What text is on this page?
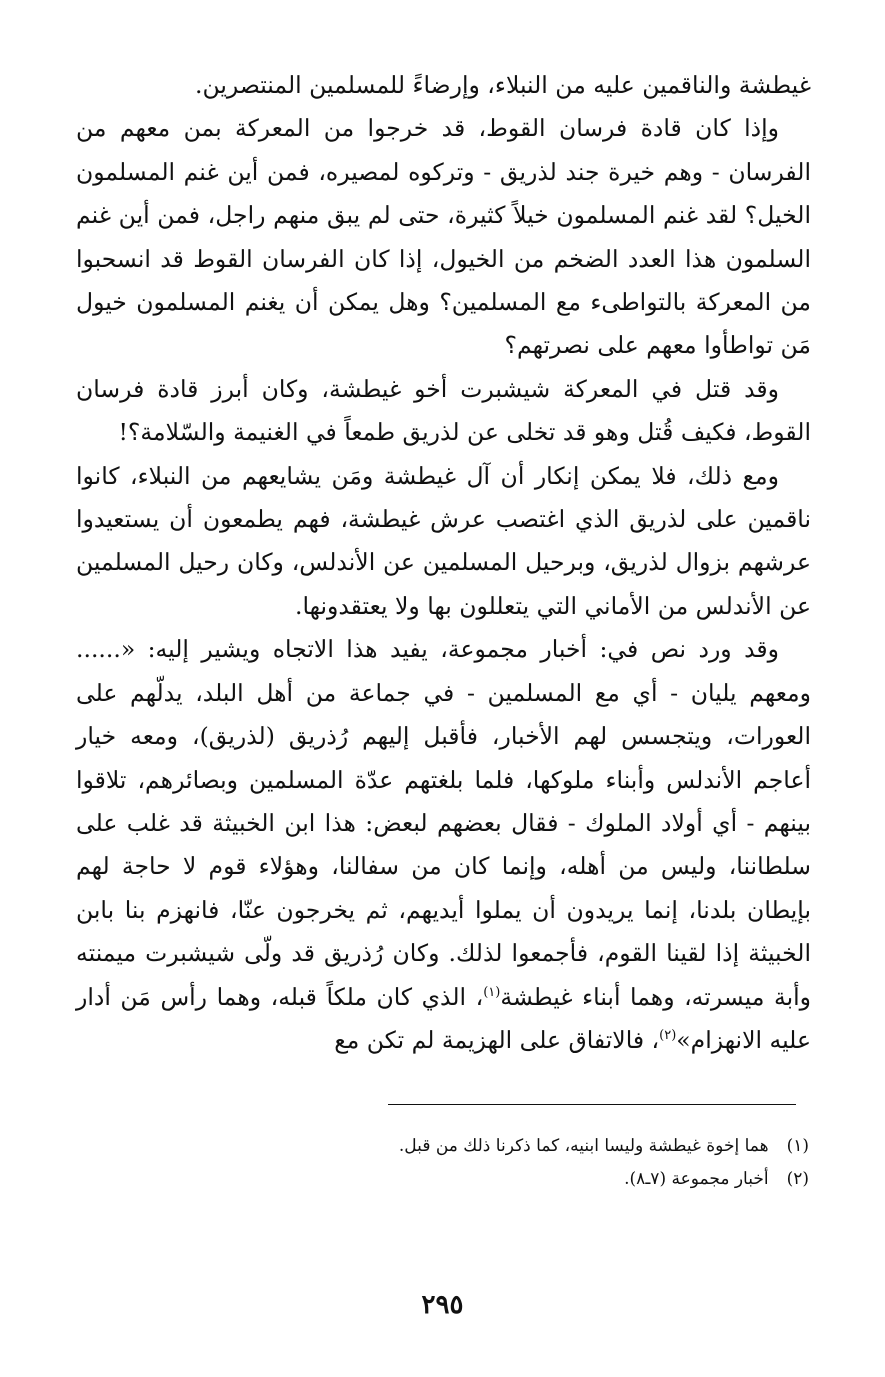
غيطشة والناقمين عليه من النبلاء، وإرضاءً للمسلمين المنتصرين.

وإذا كان قادة فرسان القوط، قد خرجوا من المعركة بمن معهم من الفرسان - وهم خيرة جند لذريق - وتركوه لمصيره، فمن أين غنم المسلمون الخيل؟ لقد غنم المسلمون خيلاً كثيرة، حتى لم يبق منهم راجل، فمن أين غنم السلمون هذا العدد الضخم من الخيول، إذا كان الفرسان القوط قد انسحبوا من المعركة بالتواطىء مع المسلمين؟ وهل يمكن أن يغنم المسلمون خيول مَن تواطأوا معهم على نصرتهم؟

وقد قتل في المعركة شيشبرت أخو غيطشة، وكان أبرز قادة فرسان القوط، فكيف قُتل وهو قد تخلى عن لذريق طمعاً في الغنيمة والسّلامة؟!

ومع ذلك، فلا يمكن إنكار أن آل غيطشة ومَن يشايعهم من النبلاء، كانوا ناقمين على لذريق الذي اغتصب عرش غيطشة، فهم يطمعون أن يستعيدوا عرشهم بزوال لذريق، وبرحيل المسلمين عن الأندلس، وكان رحيل المسلمين عن الأندلس من الأماني التي يتعللون بها ولا يعتقدونها.

وقد ورد نص في: أخبار مجموعة، يفيد هذا الاتجاه ويشير إليه: «...... ومعهم يليان - أي مع المسلمين - في جماعة من أهل البلد، يدلّهم على العورات، ويتجسس لهم الأخبار، فأقبل إليهم رُذريق (لذريق)، ومعه خيار أعاجم الأندلس وأبناء ملوكها، فلما بلغتهم عدّة المسلمين وبصائرهم، تلاقوا بينهم - أي أولاد الملوك - فقال بعضهم لبعض: هذا ابن الخبيثة قد غلب على سلطاننا، وليس من أهله، وإنما كان من سفالنا، وهؤلاء قوم لا حاجة لهم بإيطان بلدنا، إنما يريدون أن يملوا أيديهم، ثم يخرجون عنّا، فانهزم بنا بابن الخبيثة إذا لقينا القوم، فأجمعوا لذلك. وكان رُذريق قد ولّى شيشبرت ميمنته وأبة ميسرته، وهما أبناء غيطشة$^{(١)}$، الذي كان ملكاً قبله، وهما رأس مَن أدار عليه الانهزام»$^{(٢)}$، فالاتفاق على الهزيمة لم تكن مع

(١)هما إخوة غيطشة وليسا ابنيه، كما ذكرنا ذلك من قبل.

(٢)أخبار مجموعة (٧ـ٨).

٢٩٥
